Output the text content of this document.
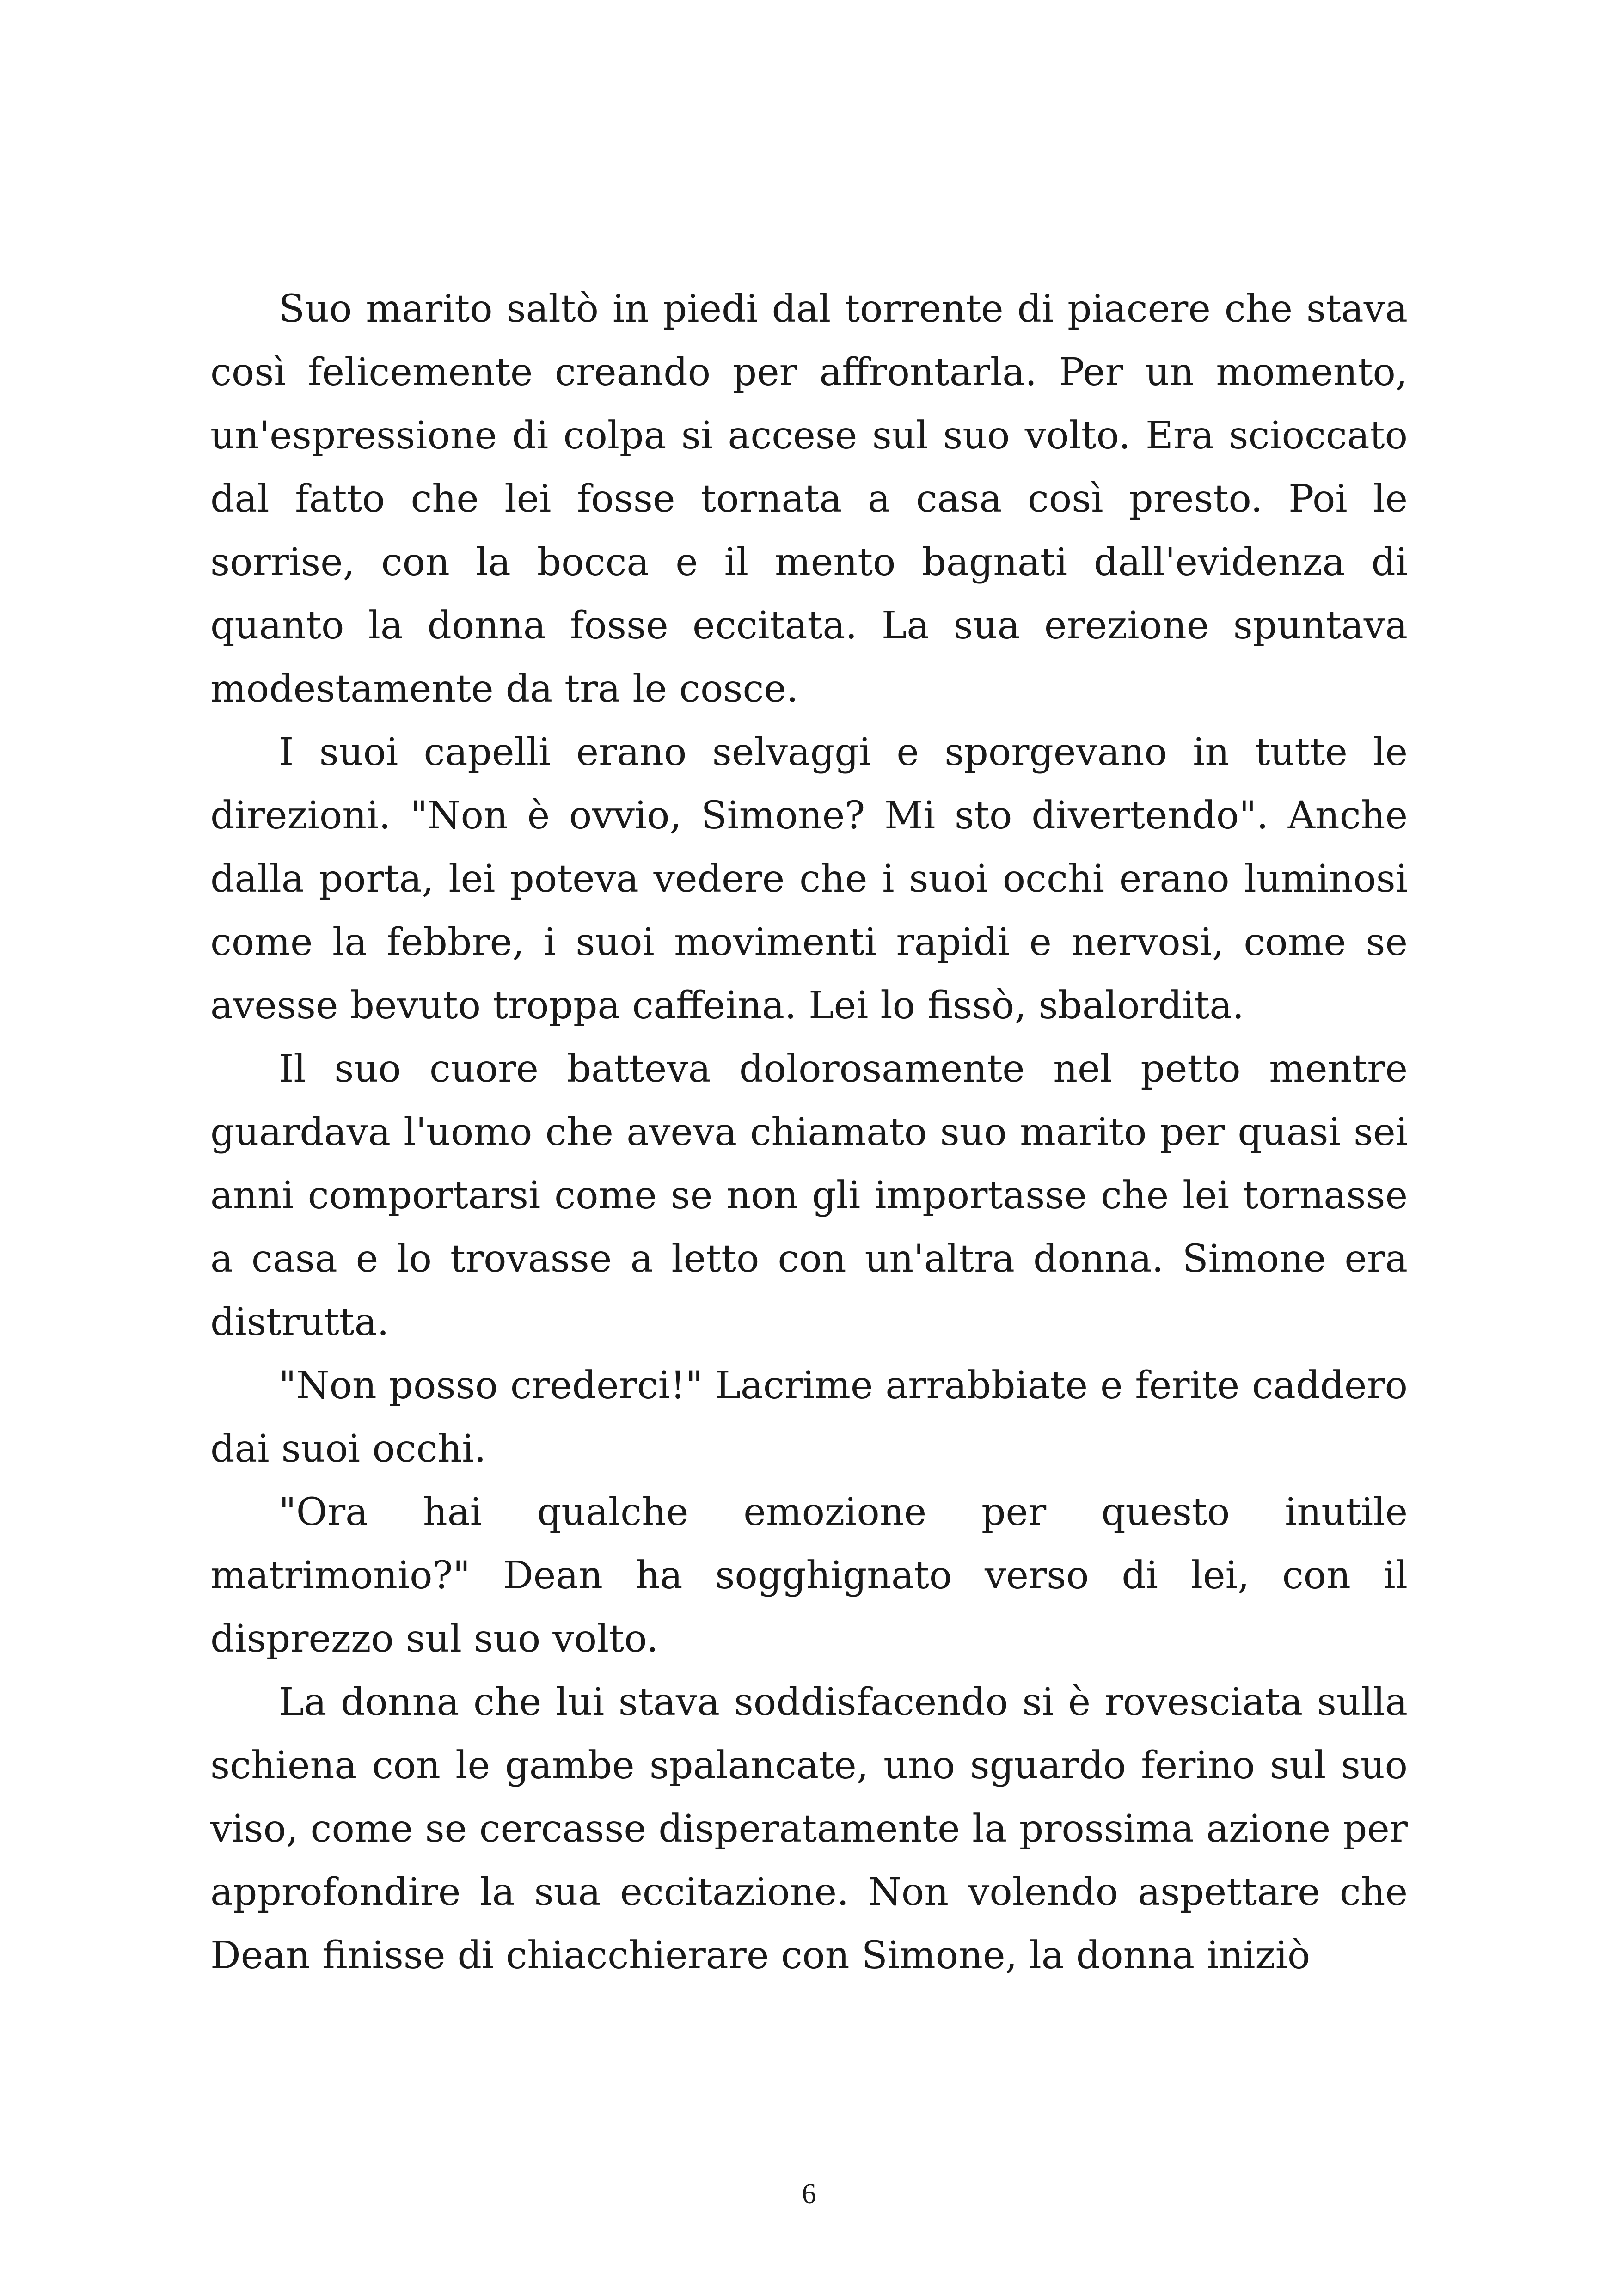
Suo marito saltò in piedi dal torrente di piacere che stava così felicemente creando per affrontarla. Per un momento, un'espressione di colpa si accese sul suo volto. Era scioccato dal fatto che lei fosse tornata a casa così presto. Poi le sorrise, con la bocca e il mento bagnati dall'evidenza di quanto la donna fosse eccitata. La sua erezione spuntava modestamente da tra le cosce.

I suoi capelli erano selvaggi e sporgevano in tutte le direzioni. "Non è ovvio, Simone? Mi sto divertendo". Anche dalla porta, lei poteva vedere che i suoi occhi erano luminosi come la febbre, i suoi movimenti rapidi e nervosi, come se avesse bevuto troppa caffeina. Lei lo fissò, sbalordita.

Il suo cuore batteva dolorosamente nel petto mentre guardava l'uomo che aveva chiamato suo marito per quasi sei anni comportarsi come se non gli importasse che lei tornasse a casa e lo trovasse a letto con un'altra donna. Simone era distrutta.

"Non posso crederci!" Lacrime arrabbiate e ferite caddero dai suoi occhi.

"Ora hai qualche emozione per questo inutile matrimonio?" Dean ha sogghignato verso di lei, con il disprezzo sul suo volto.

La donna che lui stava soddisfacendo si è rovesciata sulla schiena con le gambe spalancate, uno sguardo ferino sul suo viso, come se cercasse disperatamente la prossima azione per approfondire la sua eccitazione. Non volendo aspettare che Dean finisse di chiacchierare con Simone, la donna iniziò

6
